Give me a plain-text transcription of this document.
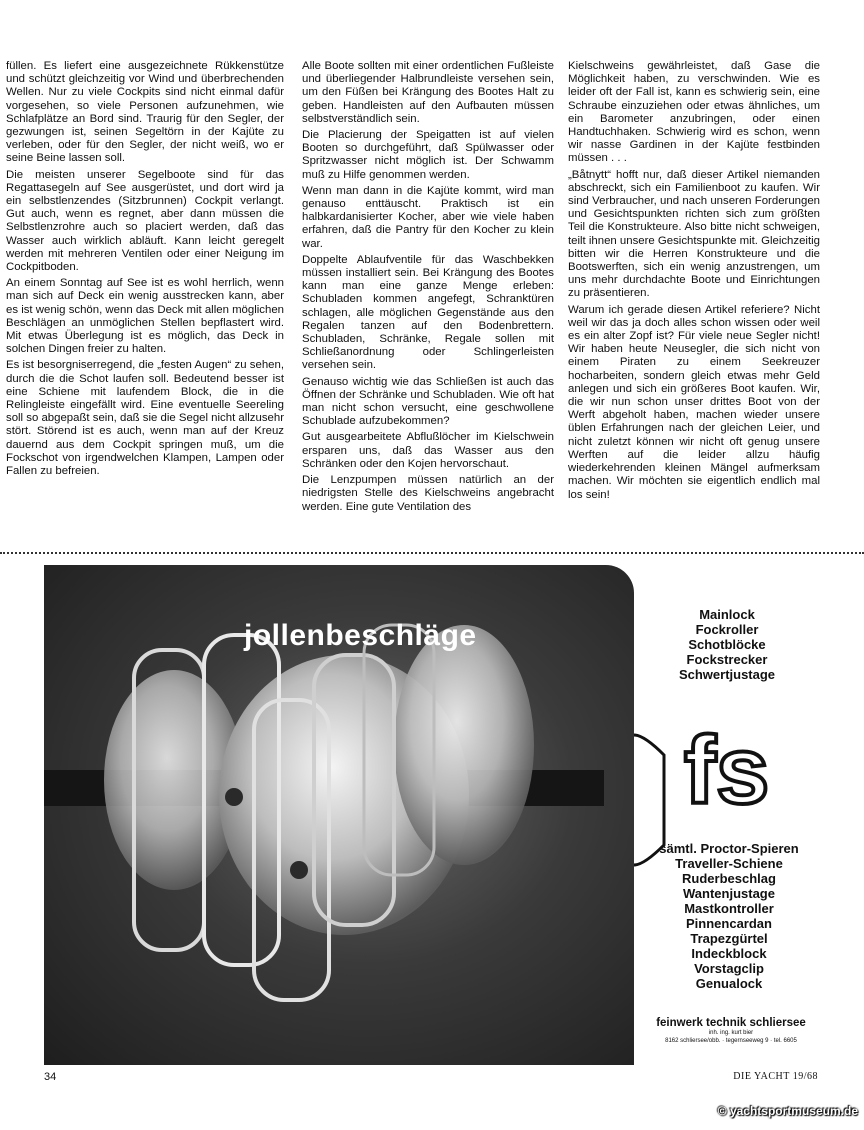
füllen. Es liefert eine ausgezeichnete Rükkenstütze und schützt gleichzeitig vor Wind und überbrechenden Wellen. Nur zu viele Cockpits sind nicht einmal dafür vorgesehen, so viele Personen aufzunehmen, wie Schlafplätze an Bord sind. Traurig für den Segler, der gezwungen ist, seinen Segeltörn in der Kajüte zu verleben, oder für den Segler, der nicht weiß, wo er seine Beine lassen soll.

Die meisten unserer Segelboote sind für das Regattasegeln auf See ausgerüstet, und dort wird ja ein selbstlenzendes (Sitzbrunnen) Cockpit verlangt. Gut auch, wenn es regnet, aber dann müssen die Selbstlenzrohre auch so placiert werden, daß das Wasser auch wirklich abläuft. Kann leicht geregelt werden mit mehreren Ventilen oder einer Neigung im Cockpitboden.

An einem Sonntag auf See ist es wohl herrlich, wenn man sich auf Deck ein wenig ausstrecken kann, aber es ist wenig schön, wenn das Deck mit allen möglichen Beschlägen an unmöglichen Stellen bepflastert wird. Mit etwas Überlegung ist es möglich, das Deck in solchen Dingen freier zu halten.

Es ist besorgniserregend, die „festen Augen“ zu sehen, durch die die Schot laufen soll. Bedeutend besser ist eine Schiene mit laufendem Block, die in die Relingleiste eingefällt wird. Eine eventuelle Seereling soll so abgepaßt sein, daß sie die Segel nicht allzusehr stört. Störend ist es auch, wenn man auf der Kreuz dauernd aus dem Cockpit springen muß, um die Fockschot von irgendwelchen Klampen, Lampen oder Fallen zu befreien.

Alle Boote sollten mit einer ordentlichen Fußleiste und überliegender Halbrundleiste versehen sein, um den Füßen bei Krängung des Bootes Halt zu geben. Handleisten auf den Aufbauten müssen selbstverständlich sein.

Die Placierung der Speigatten ist auf vielen Booten so durchgeführt, daß Spülwasser oder Spritzwasser nicht möglich ist. Der Schwamm muß zu Hilfe genommen werden.

Wenn man dann in die Kajüte kommt, wird man genauso enttäuscht. Praktisch ist ein halbkardanisierter Kocher, aber wie viele haben erfahren, daß die Pantry für den Kocher zu klein war.

Doppelte Ablaufventile für das Waschbekken müssen installiert sein. Bei Krängung des Bootes kann man eine ganze Menge erleben: Schubladen kommen angefegt, Schranktüren schlagen, alle möglichen Gegenstände aus den Regalen tanzen auf den Bodenbrettern. Schubladen, Schränke, Regale sollen mit Schließanordnung oder Schlingerleisten versehen sein.

Genauso wichtig wie das Schließen ist auch das Öffnen der Schränke und Schubladen. Wie oft hat man nicht schon versucht, eine geschwollene Schublade aufzubekommen?

Gut ausgearbeitete Abflußlöcher im Kielschwein ersparen uns, daß das Wasser aus den Schränken oder den Kojen hervorschaut.

Die Lenzpumpen müssen natürlich an der niedrigsten Stelle des Kielschweins angebracht werden. Eine gute Ventilation des

Kielschweins gewährleistet, daß Gase die Möglichkeit haben, zu verschwinden. Wie es leider oft der Fall ist, kann es schwierig sein, eine Schraube einzuziehen oder etwas ähnliches, um ein Barometer anzubringen, oder einen Handtuchhaken. Schwierig wird es schon, wenn wir nasse Gardinen in der Kajüte festbinden müssen . . .

„Båtnytt“ hofft nur, daß dieser Artikel niemanden abschreckt, sich ein Familienboot zu kaufen. Wir sind Verbraucher, und nach unseren Forderungen und Gesichtspunkten richten sich zum größten Teil die Konstrukteure. Also bitte nicht schweigen, teilt ihnen unsere Gesichtspunkte mit. Gleichzeitig bitten wir die Herren Konstrukteure und die Bootswerften, sich ein wenig anzustrengen, um uns mehr durchdachte Boote und Einrichtungen zu präsentieren.

Warum ich gerade diesen Artikel referiere? Nicht weil wir das ja doch alles schon wissen oder weil es ein alter Zopf ist? Für viele neue Segler nicht! Wir haben heute Neusegler, die sich nicht von einem Piraten zu einem Seekreuzer hocharbeiten, sondern gleich etwas mehr Geld anlegen und sich ein größeres Boot kaufen. Wir, die wir nun schon unser drittes Boot von der Werft abgeholt haben, machen wieder unsere üblen Erfahrungen nach der gleichen Leier, und nicht zuletzt können wir nicht oft genug unsere Werften auf die leider allzu häufig wiederkehrenden kleinen Mängel aufmerksam machen. Wir möchten sie eigentlich endlich mal los sein!

jollenbeschläge
fs
Mainlock
Fockroller
Schotblöcke
Fockstrecker
Schwertjustage
sämtl. Proctor-Spieren
Traveller-Schiene
Ruderbeschlag
Wantenjustage
Mastkontroller
Pinnencardan
Trapezgürtel
Indeckblock
Vorstagclip
Genualock
feinwerk technik schliersee
inh. ing. kurt bier
8162 schliersee/obb. · tegernseeweg 9 · tel. 6605
34	DIE YACHT 19/68
© yachtsportmuseum.de
